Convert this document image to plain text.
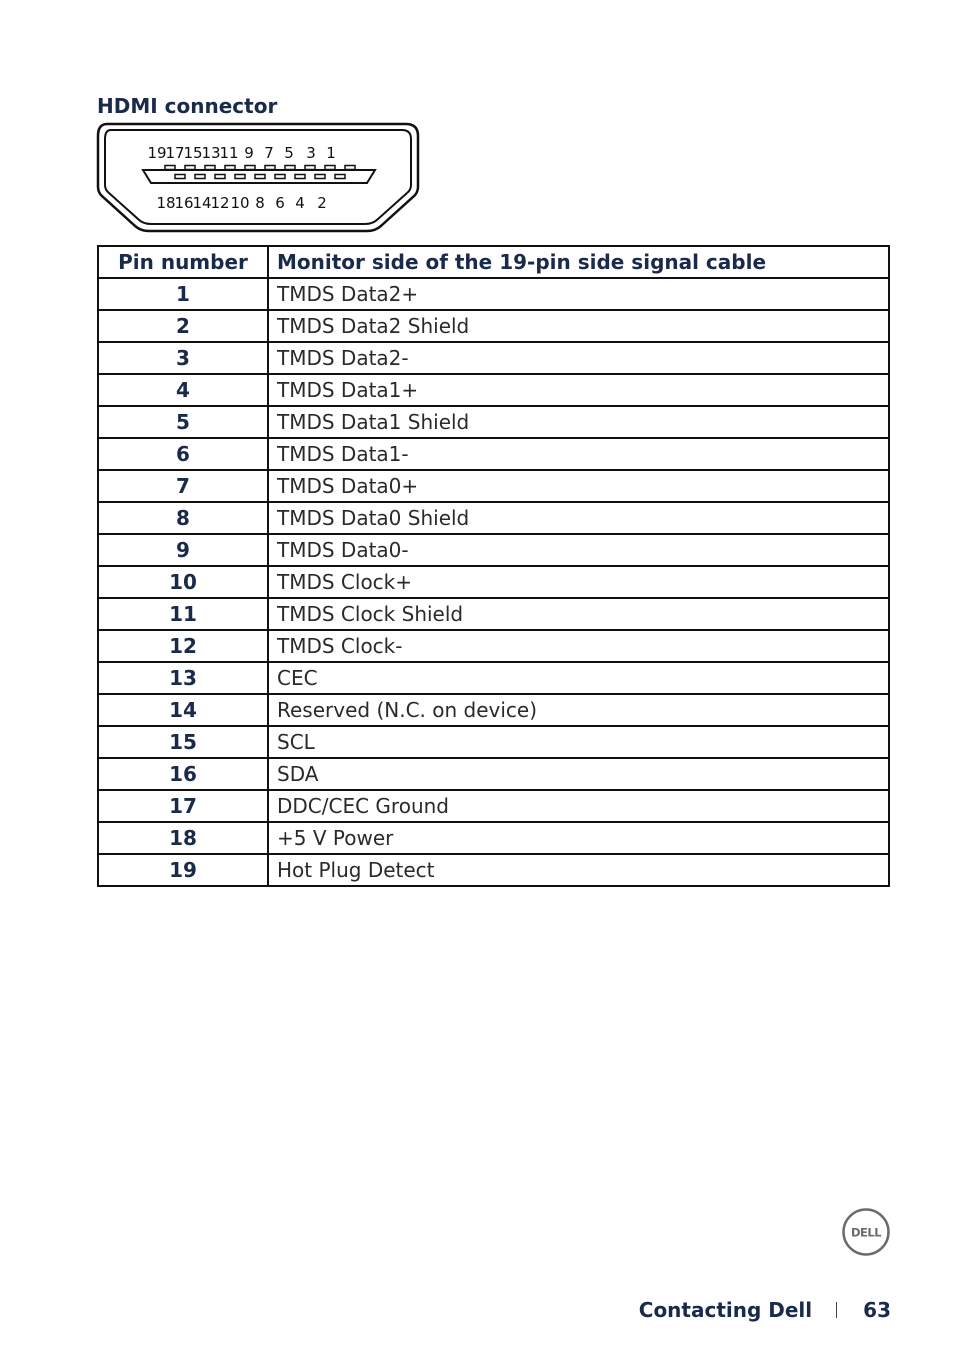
HDMI connector
19
17
15
13
11 9 7 5 3 1
18
16
14
12 10 8 6 4 2
Pin number	Monitor side of the 19-pin side signal cable
1	TMDS Data2+
2	TMDS Data2 Shield
3	TMDS Data2-
4	TMDS Data1+
5	TMDS Data1 Shield
6	TMDS Data1-
7	TMDS Data0+
8	TMDS Data0 Shield
9	TMDS Data0-
10	TMDS Clock+
11	TMDS Clock Shield
12	TMDS Clock-
13	CEC
14	Reserved (N.C. on device)
15	SCL
16	SDA
17	DDC/CEC Ground
18	+5 V Power
19	Hot Plug Detect
DELL
Contacting Dell	63
